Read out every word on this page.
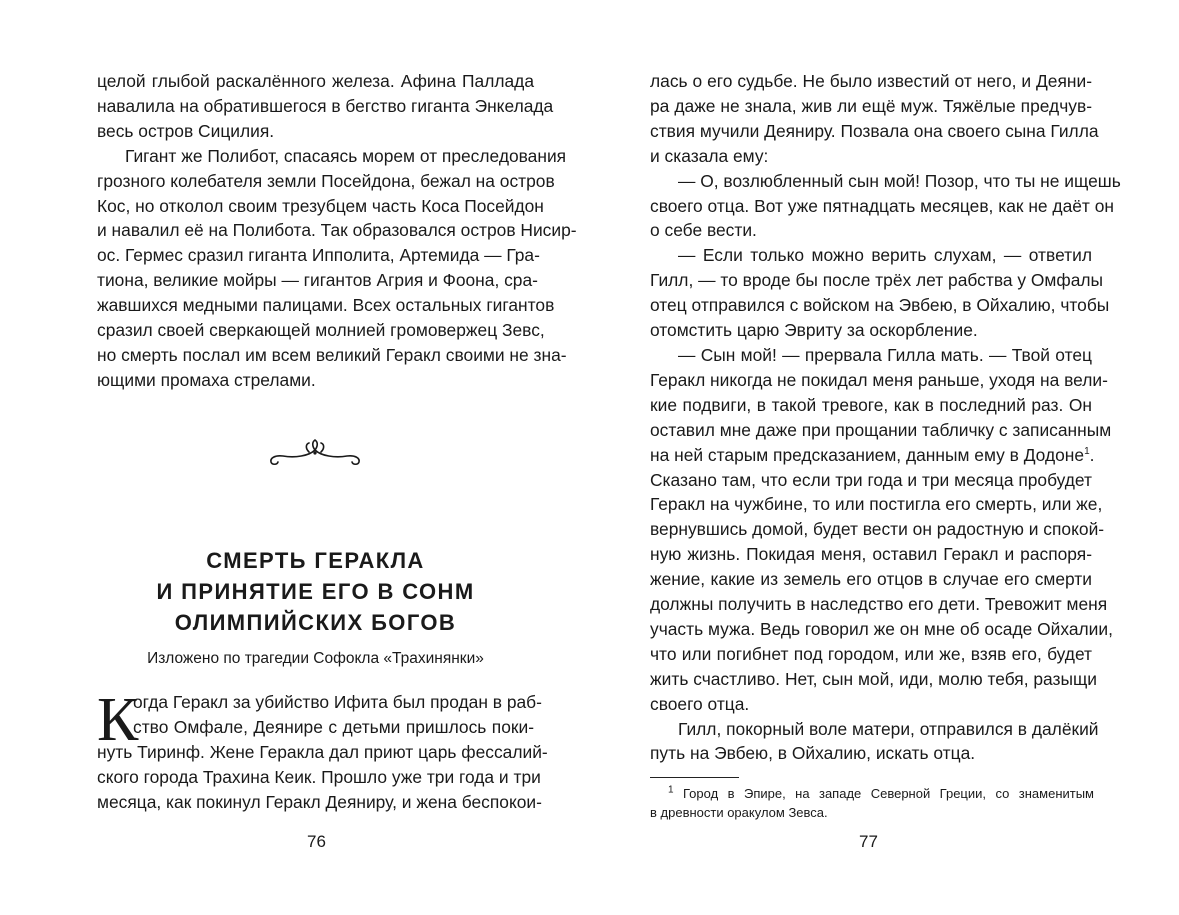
целой глыбой раскалённого железа. Афина Паллада
навалила на обратившегося в бегство гиганта Энкелада
весь остров Сицилия.

Гигант же Полибот, спасаясь морем от преследования
грозного колебателя земли Посейдона, бежал на остров
Кос, но отколол своим трезубцем часть Коса Посейдон
и навалил её на Полибота. Так образовался остров Нисир-
ос. Гермес сразил гиганта Ипполита, Артемида — Гра-
тиона, великие мойры — гигантов Агрия и Фоона, сра-
жавшихся медными палицами. Всех остальных гигантов
сразил своей сверкающей молнией громовержец Зевс,
но смерть послал им всем великий Геракл своими не зна-
ющими промаха стрелами.

СМЕРТЬ ГЕРАКЛА
И ПРИНЯТИЕ ЕГО В СОНМ
ОЛИМПИЙСКИХ БОГОВ
Изложено по трагедии Софокла «Трахинянки»
К
огда Геракл за убийство Ифита был продан в раб-
ство Омфале, Деянире с детьми пришлось поки-
нуть Тиринф. Жене Геракла дал приют царь фессалий-
ского города Трахина Кеик. Прошло уже три года и три
месяца, как покинул Геракл Деяниру, и жена беспокои-
76
лась о его судьбе. Не было известий от него, и Деяни-
ра даже не знала, жив ли ещё муж. Тяжёлые предчув-
ствия мучили Деяниру. Позвала она своего сына Гилла
и сказала ему:
— О, возлюбленный сын мой! Позор, что ты не ищешь
своего отца. Вот уже пятнадцать месяцев, как не даёт он
о себе вести.
— Если только можно верить слухам, — ответил
Гилл, — то вроде бы после трёх лет рабства у Омфалы
отец отправился с войском на Эвбею, в Ойхалию, чтобы
отомстить царю Эвриту за оскорбление.
— Сын мой! — прервала Гилла мать. — Твой отец
Геракл никогда не покидал меня раньше, уходя на вели-
кие подвиги, в такой тревоге, как в последний раз. Он
оставил мне даже при прощании табличку с записанным
на ней старым предсказанием, данным ему в Додоне$^1$.
Сказано там, что если три года и три месяца пробудет
Геракл на чужбине, то или постигла его смерть, или же,
вернувшись домой, будет вести он радостную и спокой-
ную жизнь. Покидая меня, оставил Геракл и распоря-
жение, какие из земель его отцов в случае его смерти
должны получить в наследство его дети. Тревожит меня
участь мужа. Ведь говорил же он мне об осаде Ойхалии,
что или погибнет под городом, или же, взяв его, будет
жить счастливо. Нет, сын мой, иди, молю тебя, разыщи
своего отца.
Гилл, покорный воле матери, отправился в далёкий
путь на Эвбею, в Ойхалию, искать отца.
$^1$ Город в Эпире, на западе Северной Греции, со знаменитым
в древности оракулом Зевса.
77
